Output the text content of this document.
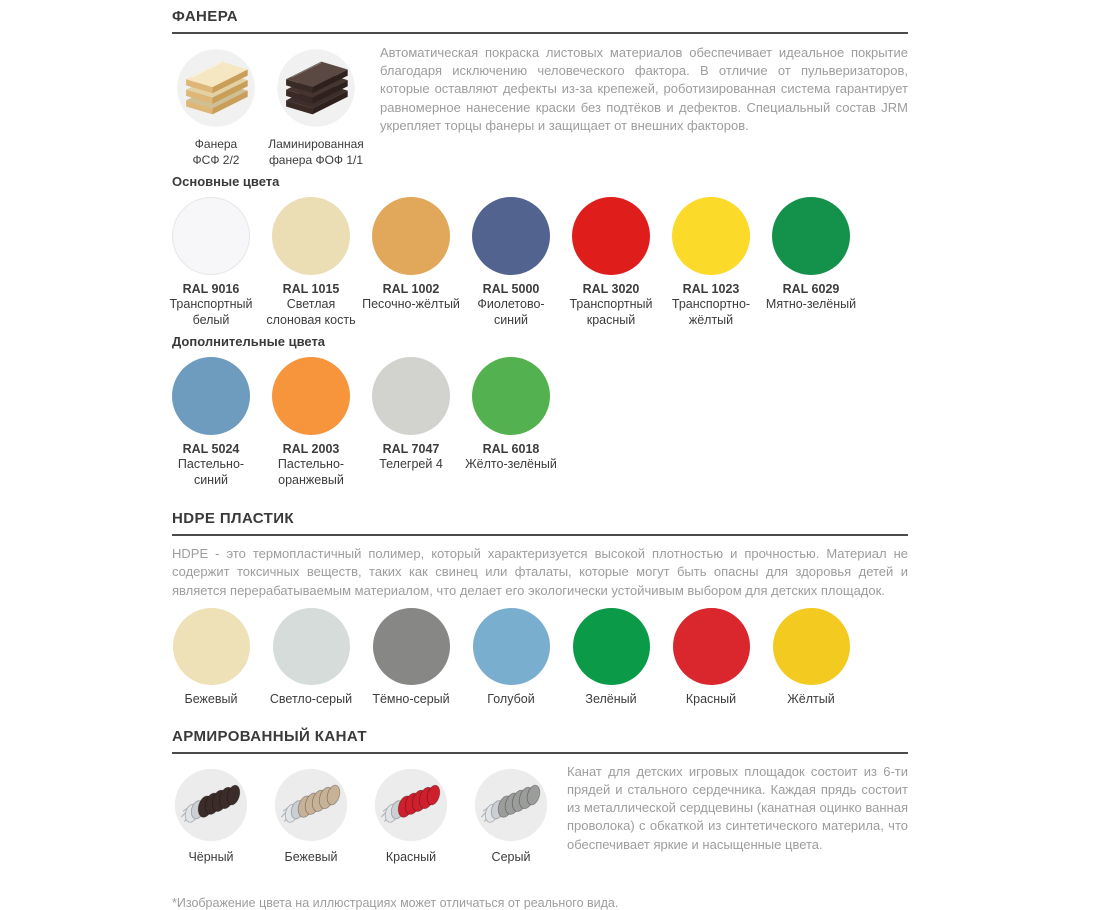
ФАНЕРА
Фанера
ФСФ 2/2
Ламинированная
фанера ФОФ 1/1

Автоматическая покраска листовых материалов обеспечивает идеальное покрытие благодаря исключению человеческого фактора. В отличие от пульверизаторов, которые оставляют дефекты из-за крепежей, роботизированная система гарантирует равномерное нанесение краски без подтёков и дефектов. Специальный состав JRM укрепляет торцы фанеры и защищает от внешних факторов.

Основные цвета
RAL 9016
Транспортный белый
RAL 1015
Светлая слоновая кость
RAL 1002
Песочно-жёлтый
RAL 5000
Фиолетово-синий
RAL 3020
Транспортный красный
RAL 1023
Транспортно-жёлтый
RAL 6029
Мятно-зелёный
Дополнительные цвета
RAL 5024
Пастельно-синий
RAL 2003
Пастельно-оранжевый
RAL 7047
Телегрей 4
RAL 6018
Жёлто-зелёный
HDPE ПЛАСТИК

HDPE - это термопластичный полимер, который характеризуется высокой плотностью и прочностью. Материал не содержит токсичных веществ, таких как свинец или фталаты, которые могут быть опасны для здоровья детей и является перерабатываемым материалом, что делает его экологически устойчивым выбором для детских площадок.

Бежевый	Светло-серый	Тёмно-серый	Голубой	Зелёный	Красный	Жёлтый
АРМИРОВАННЫЙ КАНАТ
Чёрный	Бежевый	Красный	Серый

Канат для детских игровых площадок состоит из 6-ти прядей и стального сердечника. Каждая прядь состоит из металлической сердцевины (канатная оцинко ванная проволока) с обкаткой из синтетического материла, что обеспечивает яркие и насыщенные цвета.

*Изображение цвета на иллюстрациях может отличаться от реального вида.
